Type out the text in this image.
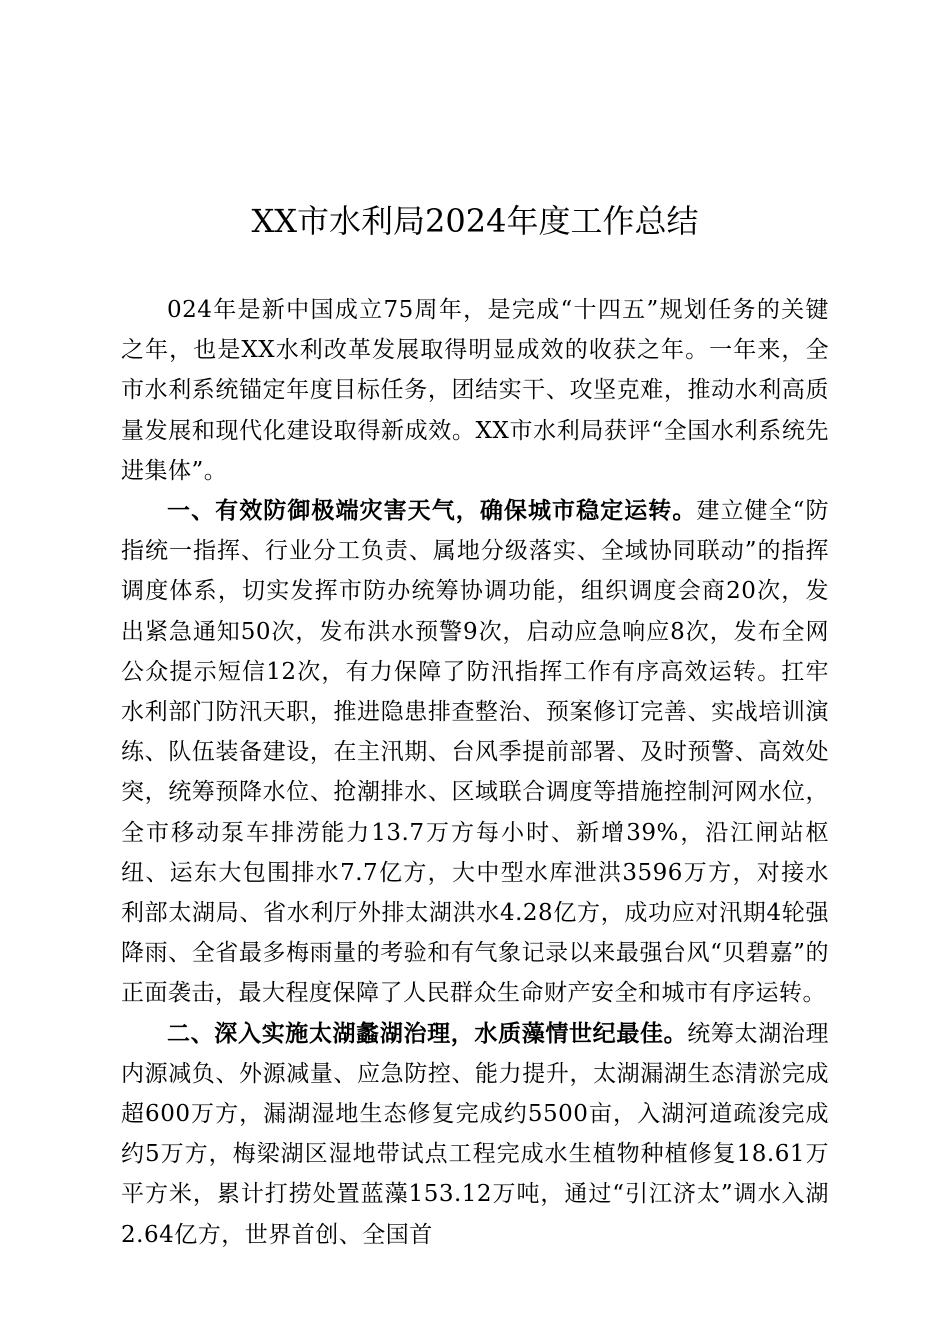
XX市水利局2024年度工作总结

024年是新中国成立75周年，是完成“十四五”规划任务的关键之年，也是XX水利改革发展取得明显成效的收获之年。一年来，全市水利系统锚定年度目标任务，团结实干、攻坚克难，推动水利高质量发展和现代化建设取得新成效。XX市水利局获评“全国水利系统先进集体”。

一、有效防御极端灾害天气，确保城市稳定运转。建立健全“防指统一指挥、行业分工负责、属地分级落实、全域协同联动”的指挥调度体系，切实发挥市防办统筹协调功能，组织调度会商20次，发出紧急通知50次，发布洪水预警9次，启动应急响应8次，发布全网公众提示短信12次，有力保障了防汛指挥工作有序高效运转。扛牢水利部门防汛天职，推进隐患排查整治、预案修订完善、实战培训演练、队伍装备建设，在主汛期、台风季提前部署、及时预警、高效处突，统筹预降水位、抢潮排水、区域联合调度等措施控制河网水位，全市移动泵车排涝能力13.7万方每小时、新增39%，沿江闸站枢纽、运东大包围排水7.7亿方，大中型水库泄洪3596万方，对接水利部太湖局、省水利厅外排太湖洪水4.28亿方，成功应对汛期4轮强降雨、全省最多梅雨量的考验和有气象记录以来最强台风“贝碧嘉”的正面袭击，最大程度保障了人民群众生命财产安全和城市有序运转。

二、深入实施太湖蠡湖治理，水质藻情世纪最佳。统筹太湖治理内源减负、外源减量、应急防控、能力提升，太湖漏湖生态清淤完成超600万方，漏湖湿地生态修复完成约5500亩，入湖河道疏浚完成约5万方，梅梁湖区湿地带试点工程完成水生植物种植修复18.61万平方米，累计打捞处置蓝藻153.12万吨，通过“引江济太”调水入湖2.64亿方，世界首创、全国首
